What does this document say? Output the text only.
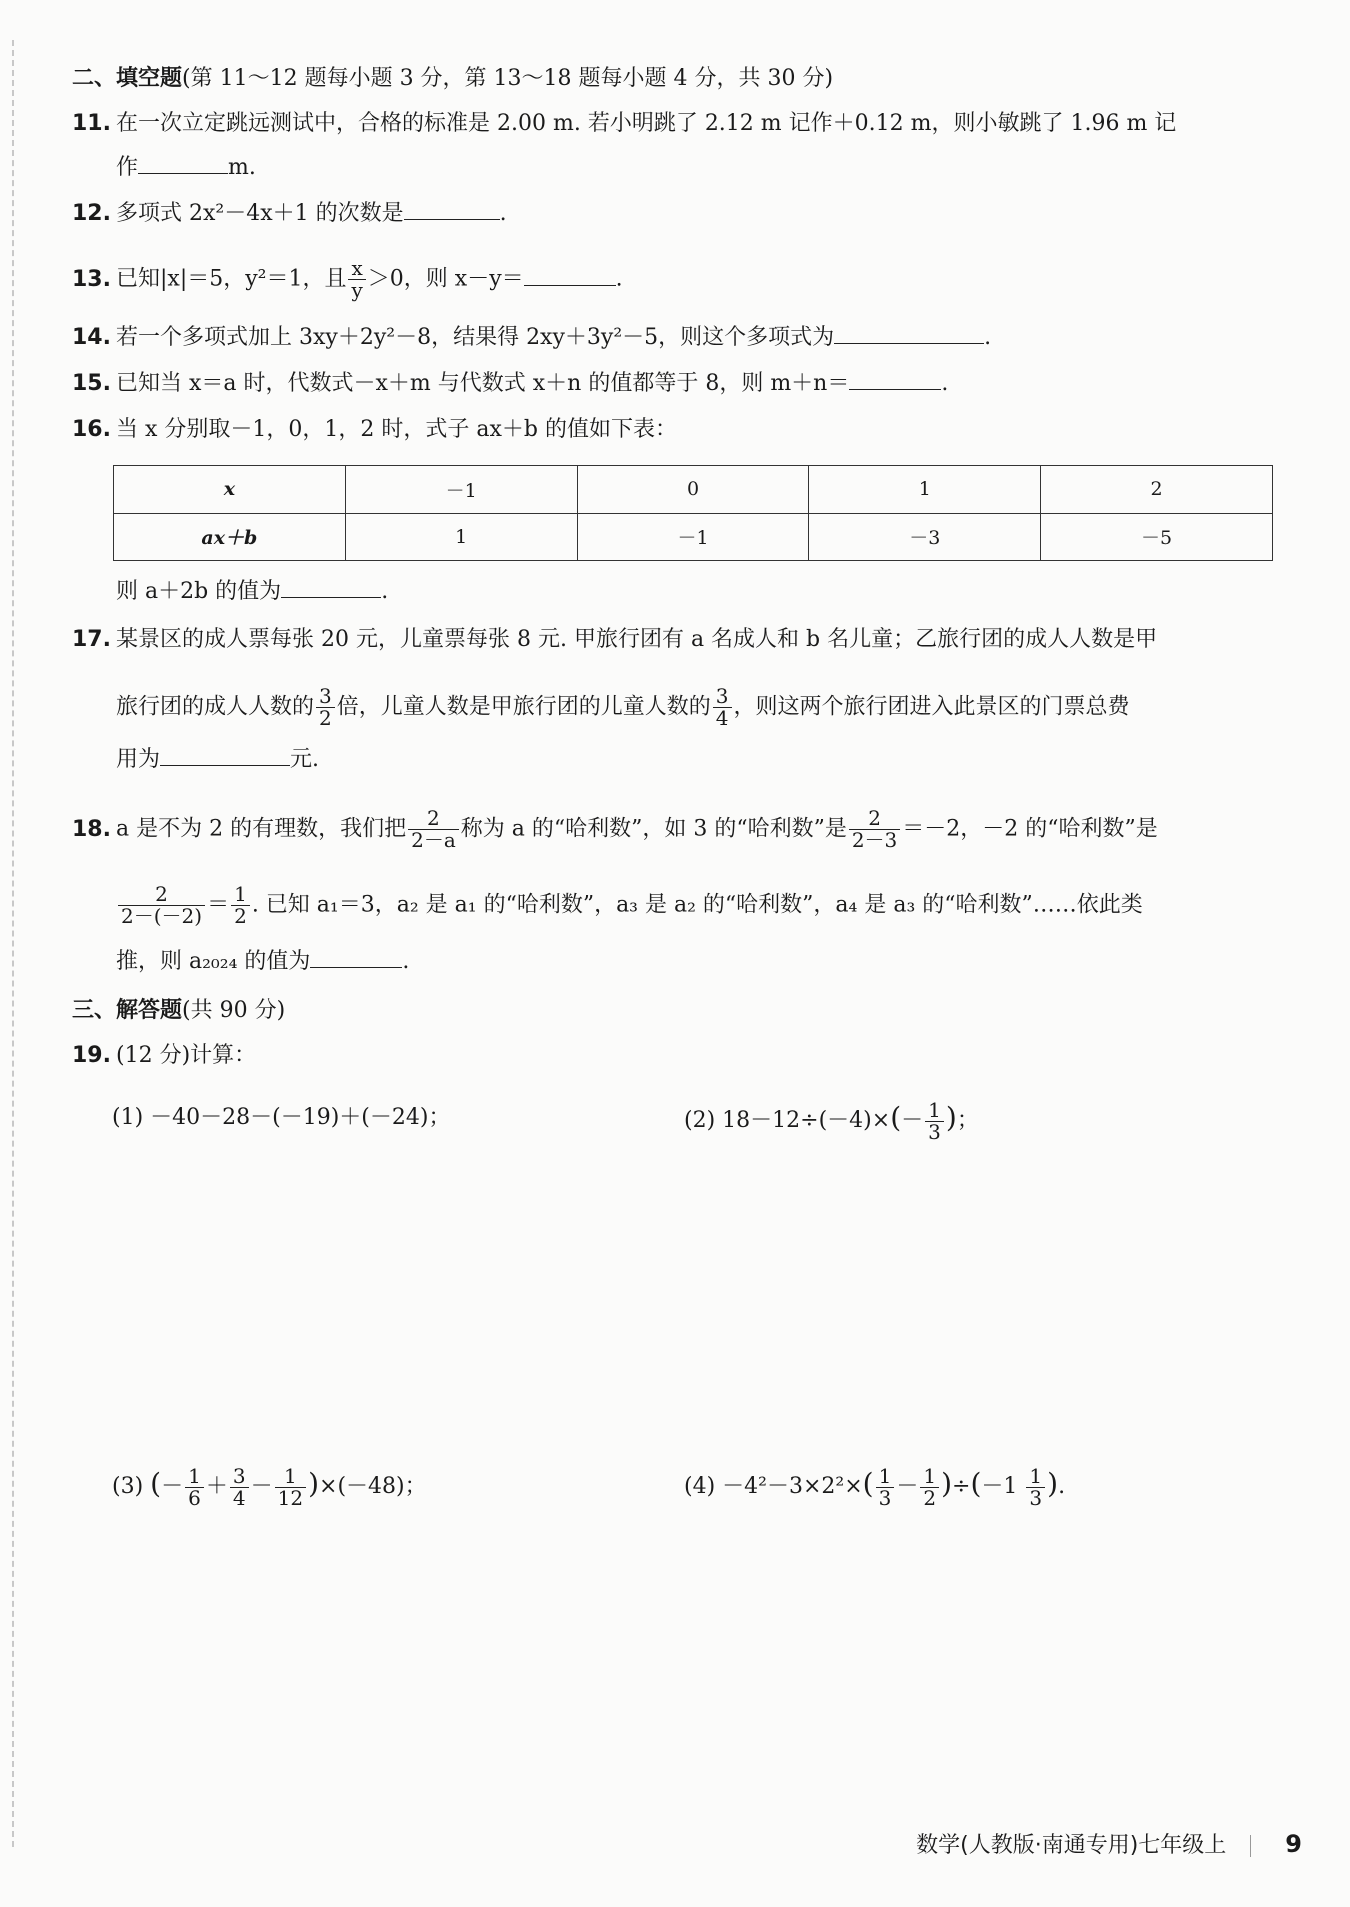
二、填空题(第 11～12 题每小题 3 分，第 13～18 题每小题 4 分，共 30 分)
11. 在一次立定跳远测试中，合格的标准是 2.00 m. 若小明跳了 2.12 m 记作＋0.12 m，则小敏跳了 1.96 m 记
作	m.
12. 多项式 2x²－4x＋1 的次数是	.
13. 已知|x|＝5，y²＝1，且 $\frac{x}{y} >0$，则 x－y＝	.
14. 若一个多项式加上 3xy＋2y²－8，结果得 2xy＋3y²－5，则这个多项式为	.
15. 已知当 x＝a 时，代数式－x＋m 与代数式 x＋n 的值都等于 8，则 m＋n＝	.
16. 当 x 分别取－1，0，1，2 时，式子 ax＋b 的值如下表：
x	－1	0	1	2
ax＋b	1	－1	－3	－5
则 a＋2b 的值为	.
17. 某景区的成人票每张 20 元，儿童票每张 8 元. 甲旅行团有 a 名成人和 b 名儿童；乙旅行团的成人人数是甲
旅行团的成人人数的 $\frac{3}{2}$ 倍，儿童人数是甲旅行团的儿童人数的 $\frac{3}{4}$ ，则这两个旅行团进入此景区的门票总费
用为	元.
18. a 是不为 2 的有理数，我们把 $\frac{2}{2-a}$ 称为 a 的“哈利数”，如 3 的“哈利数”是 $\frac{2}{2-3} =-2$，－2 的“哈利数”是
$\frac{2}{2-(-2)} = \frac{1}{2}$ . 已知 a₁＝3，a₂ 是 a₁ 的“哈利数”，a₃ 是 a₂ 的“哈利数”，a₄ 是 a₃ 的“哈利数”……依此类
推，则 a₂₀₂₄ 的值为	.
三、解答题(共 90 分)
19. (12 分)计算：
(1) －40－28－(－19)＋(－24)；	(2) $18-12\div(-4)\times(- \frac{1}{3}$ )；
(3) (－ $\frac{1}{6} + \frac{3}{4} - \frac{1}{12} )\times(-48)$；	$(4) -4^2-3\times 2^2\times( \frac{1}{3} - \frac{1}{2} )\div(-1 \frac{1}{3}$ ).
数学(人教版·南通专用)七年级上 9
